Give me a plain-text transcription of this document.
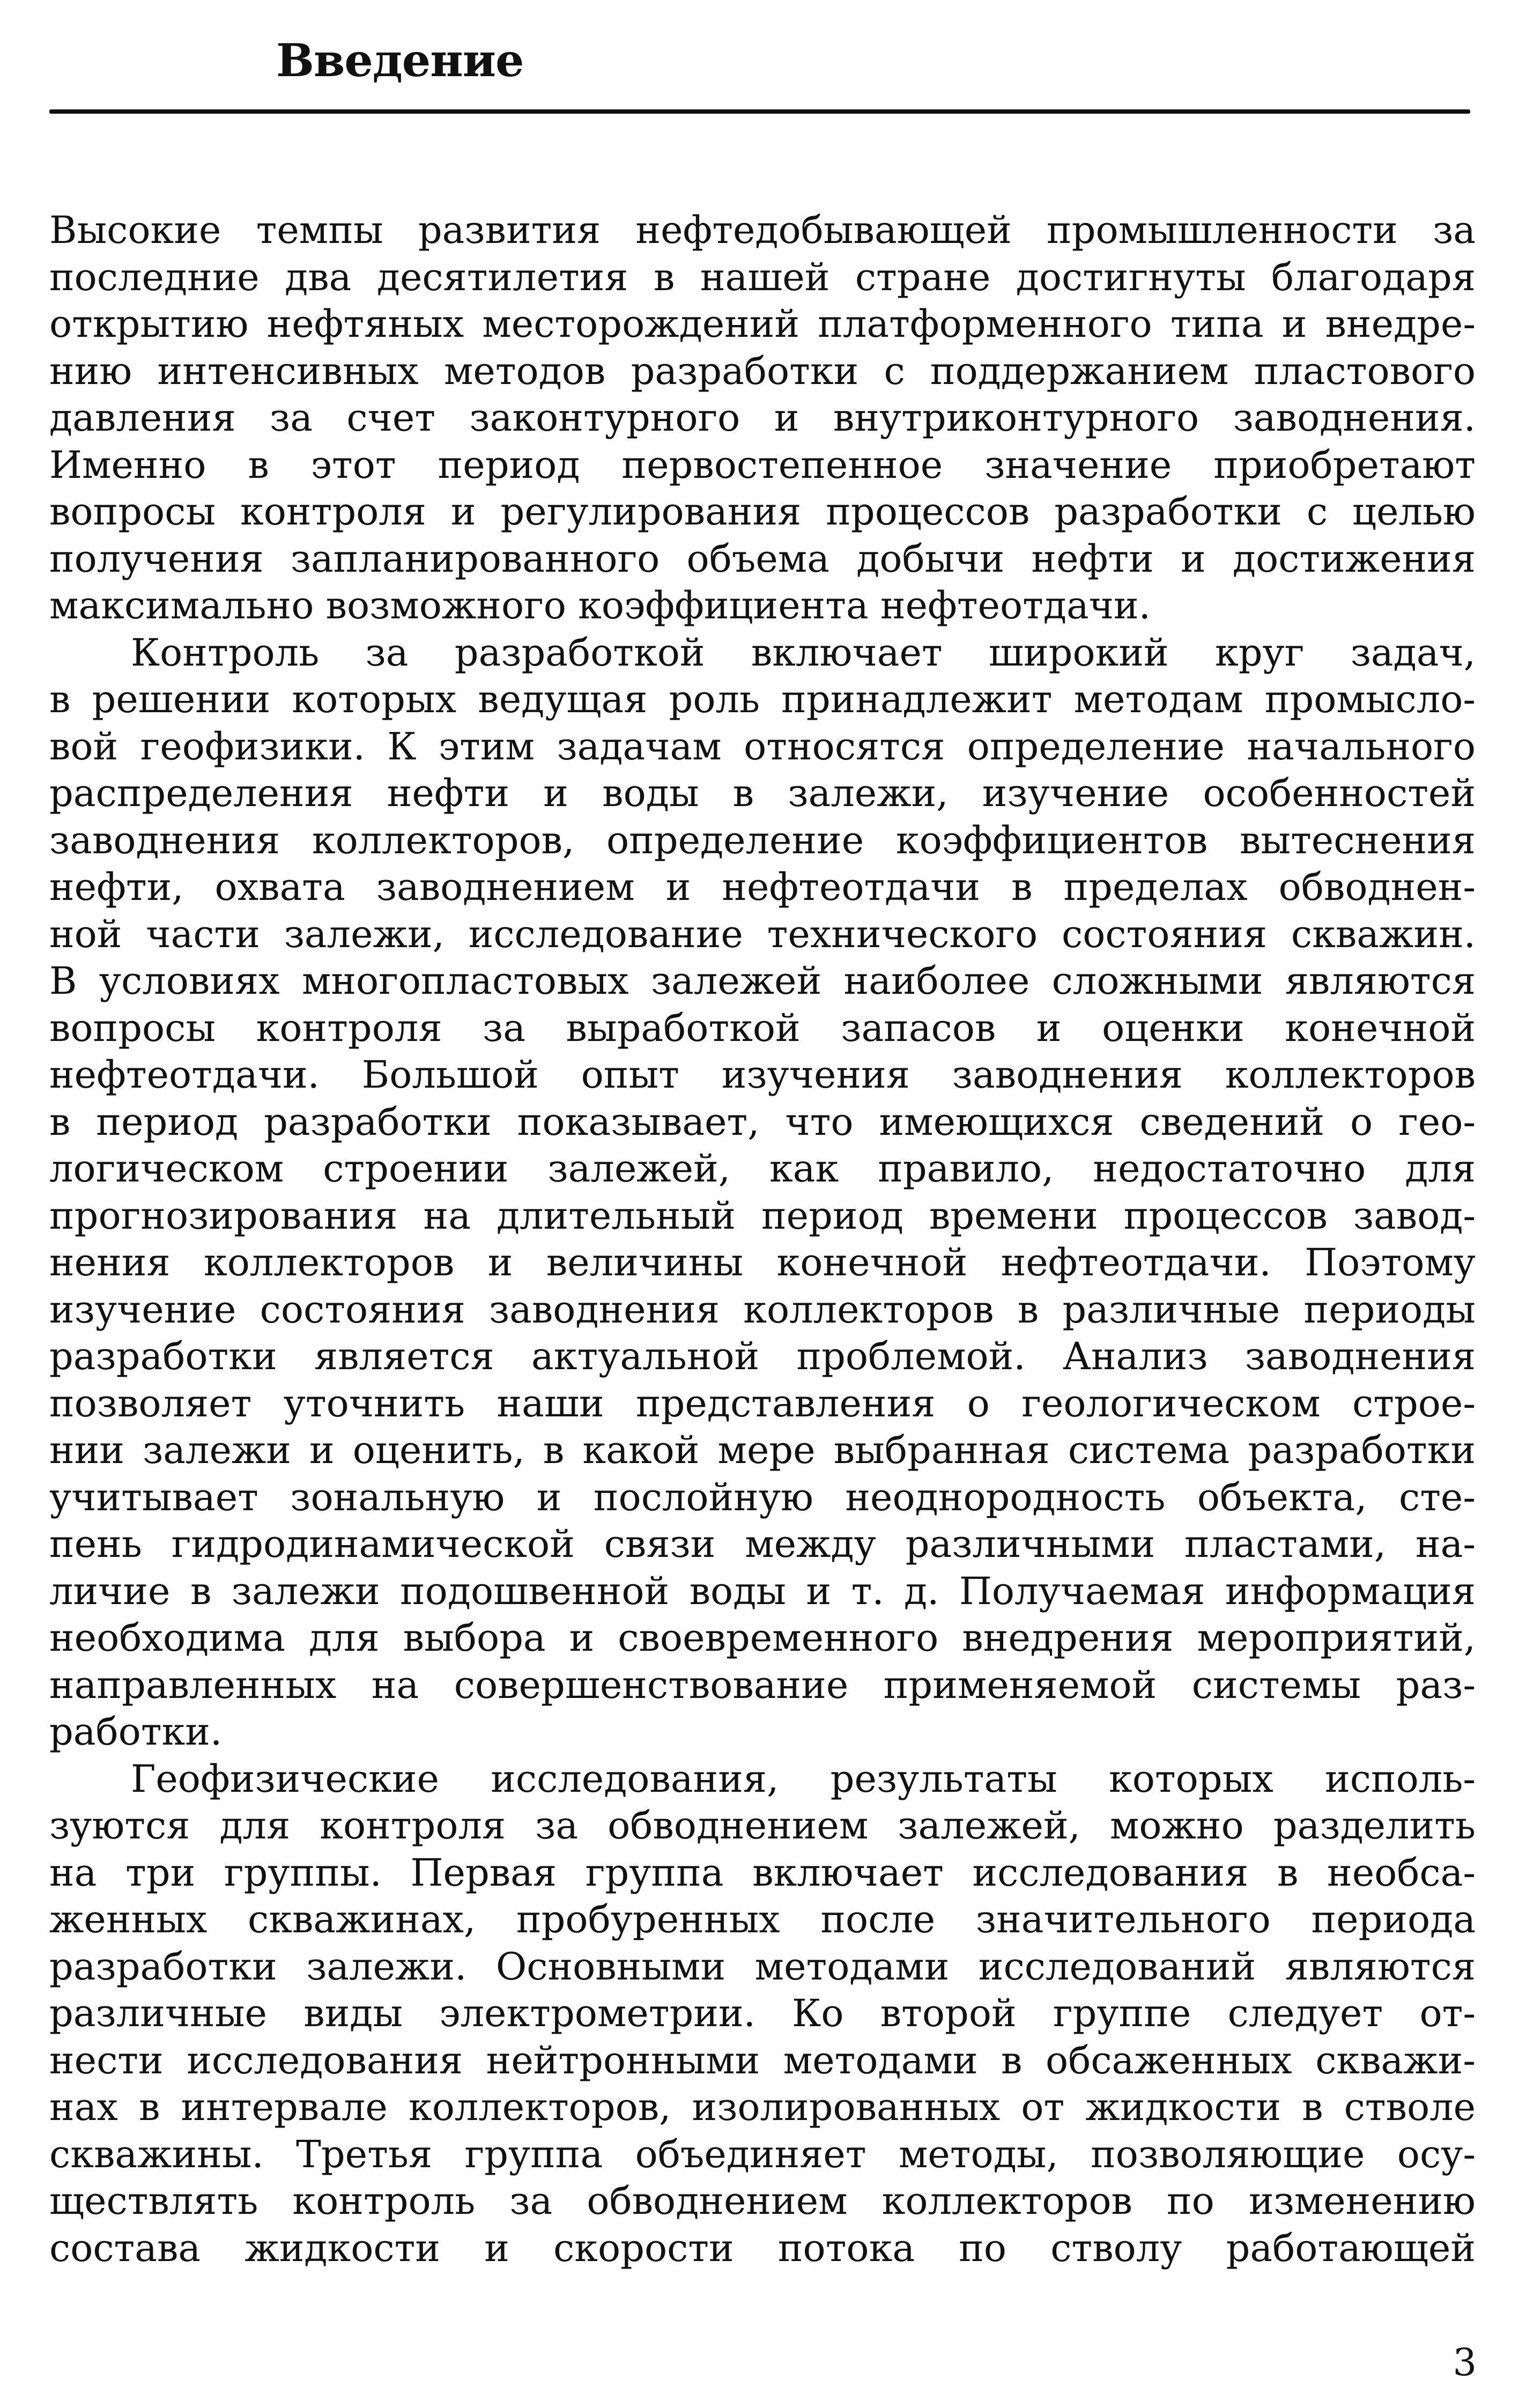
Введение

Высокие темпы развития нефтедобывающей промышленности за

последние два десятилетия в нашей стране достигнуты благодаря

открытию нефтяных месторождений платформенного типа и внедре-

нию интенсивных методов разработки с поддержанием пластового

давления за счет законтурного и внутриконтурного заводнения.

Именно в этот период первостепенное значение приобретают

вопросы контроля и регулирования процессов разработки с целью

получения запланированного объема добычи нефти и достижения

максимально возможного коэффициента нефтеотдачи.

Контроль за разработкой включает широкий круг задач,

в решении которых ведущая роль принадлежит методам промысло-

вой геофизики. К этим задачам относятся определение начального

распределения нефти и воды в залежи, изучение особенностей

заводнения коллекторов, определение коэффициентов вытеснения

нефти, охвата заводнением и нефтеотдачи в пределах обводнен-

ной части залежи, исследование технического состояния скважин.

В условиях многопластовых залежей наиболее сложными являются

вопросы контроля за выработкой запасов и оценки конечной

нефтеотдачи. Большой опыт изучения заводнения коллекторов

в период разработки показывает, что имеющихся сведений о гео-

логическом строении залежей, как правило, недостаточно для

прогнозирования на длительный период времени процессов завод-

нения коллекторов и величины конечной нефтеотдачи. Поэтому

изучение состояния заводнения коллекторов в различные периоды

разработки является актуальной проблемой. Анализ заводнения

позволяет уточнить наши представления о геологическом строе-

нии залежи и оценить, в какой мере выбранная система разработки

учитывает зональную и послойную неоднородность объекта, сте-

пень гидродинамической связи между различными пластами, на-

личие в залежи подошвенной воды и т. д. Получаемая информация

необходима для выбора и своевременного внедрения мероприятий,

направленных на совершенствование применяемой системы раз-

работки.

Геофизические исследования, результаты которых исполь-

зуются для контроля за обводнением залежей, можно разделить

на три группы. Первая группа включает исследования в необса-

женных скважинах, пробуренных после значительного периода

разработки залежи. Основными методами исследований являются

различные виды электрометрии. Ко второй группе следует от-

нести исследования нейтронными методами в обсаженных скважи-

нах в интервале коллекторов, изолированных от жидкости в стволе

скважины. Третья группа объединяет методы, позволяющие осу-

ществлять контроль за обводнением коллекторов по изменению

состава жидкости и скорости потока по стволу работающей

3
